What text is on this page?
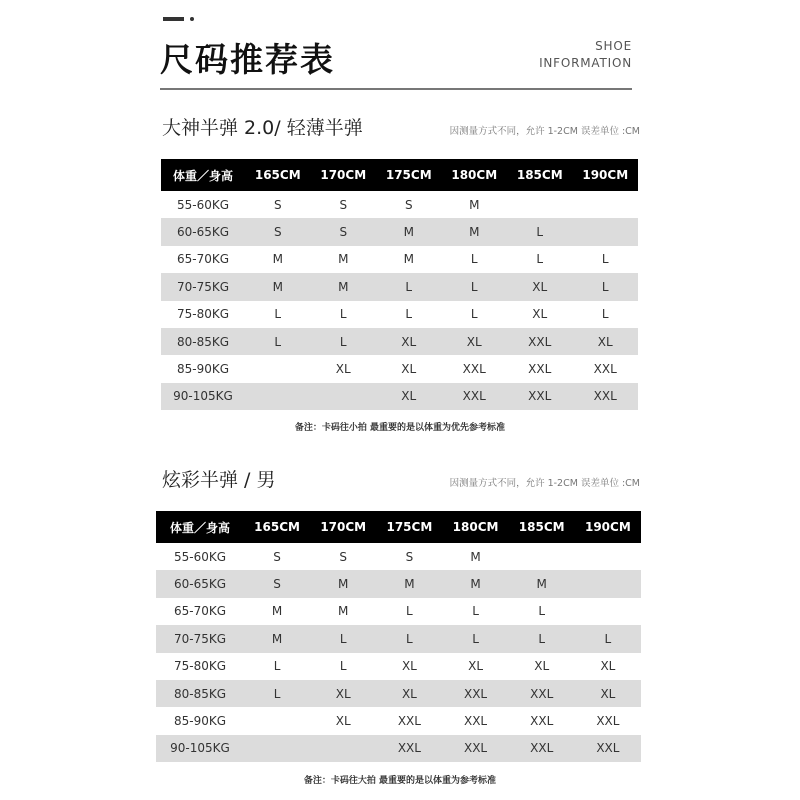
尺码推荐表	SHOE
INFORMATION
大神半弹 2.0/ 轻薄半弹	因测量方式不同，允许 1-2CM 误差单位 :CM
体重／身高	165CM	170CM	175CM	180CM	185CM	190CM
55-60KG	S	S	S	M		
60-65KG	S	S	M	M	L	
65-70KG	M	M	M	L	L	L
70-75KG	M	M	L	L	XL	L
75-80KG	L	L	L	L	XL	L
80-85KG	L	L	XL	XL	XXL	XL
85-90KG		XL	XL	XXL	XXL	XXL
90-105KG			XL	XXL	XXL	XXL
备注：卡码往小拍 最重要的是以体重为优先参考标准
炫彩半弹 / 男	因测量方式不同，允许 1-2CM 误差单位 :CM
体重／身高	165CM	170CM	175CM	180CM	185CM	190CM
55-60KG	S	S	S	M		
60-65KG	S	M	M	M	M	
65-70KG	M	M	L	L	L	
70-75KG	M	L	L	L	L	L
75-80KG	L	L	XL	XL	XL	XL
80-85KG	L	XL	XL	XXL	XXL	XL
85-90KG		XL	XXL	XXL	XXL	XXL
90-105KG			XXL	XXL	XXL	XXL
备注：卡码往大拍 最重要的是以体重为参考标准
